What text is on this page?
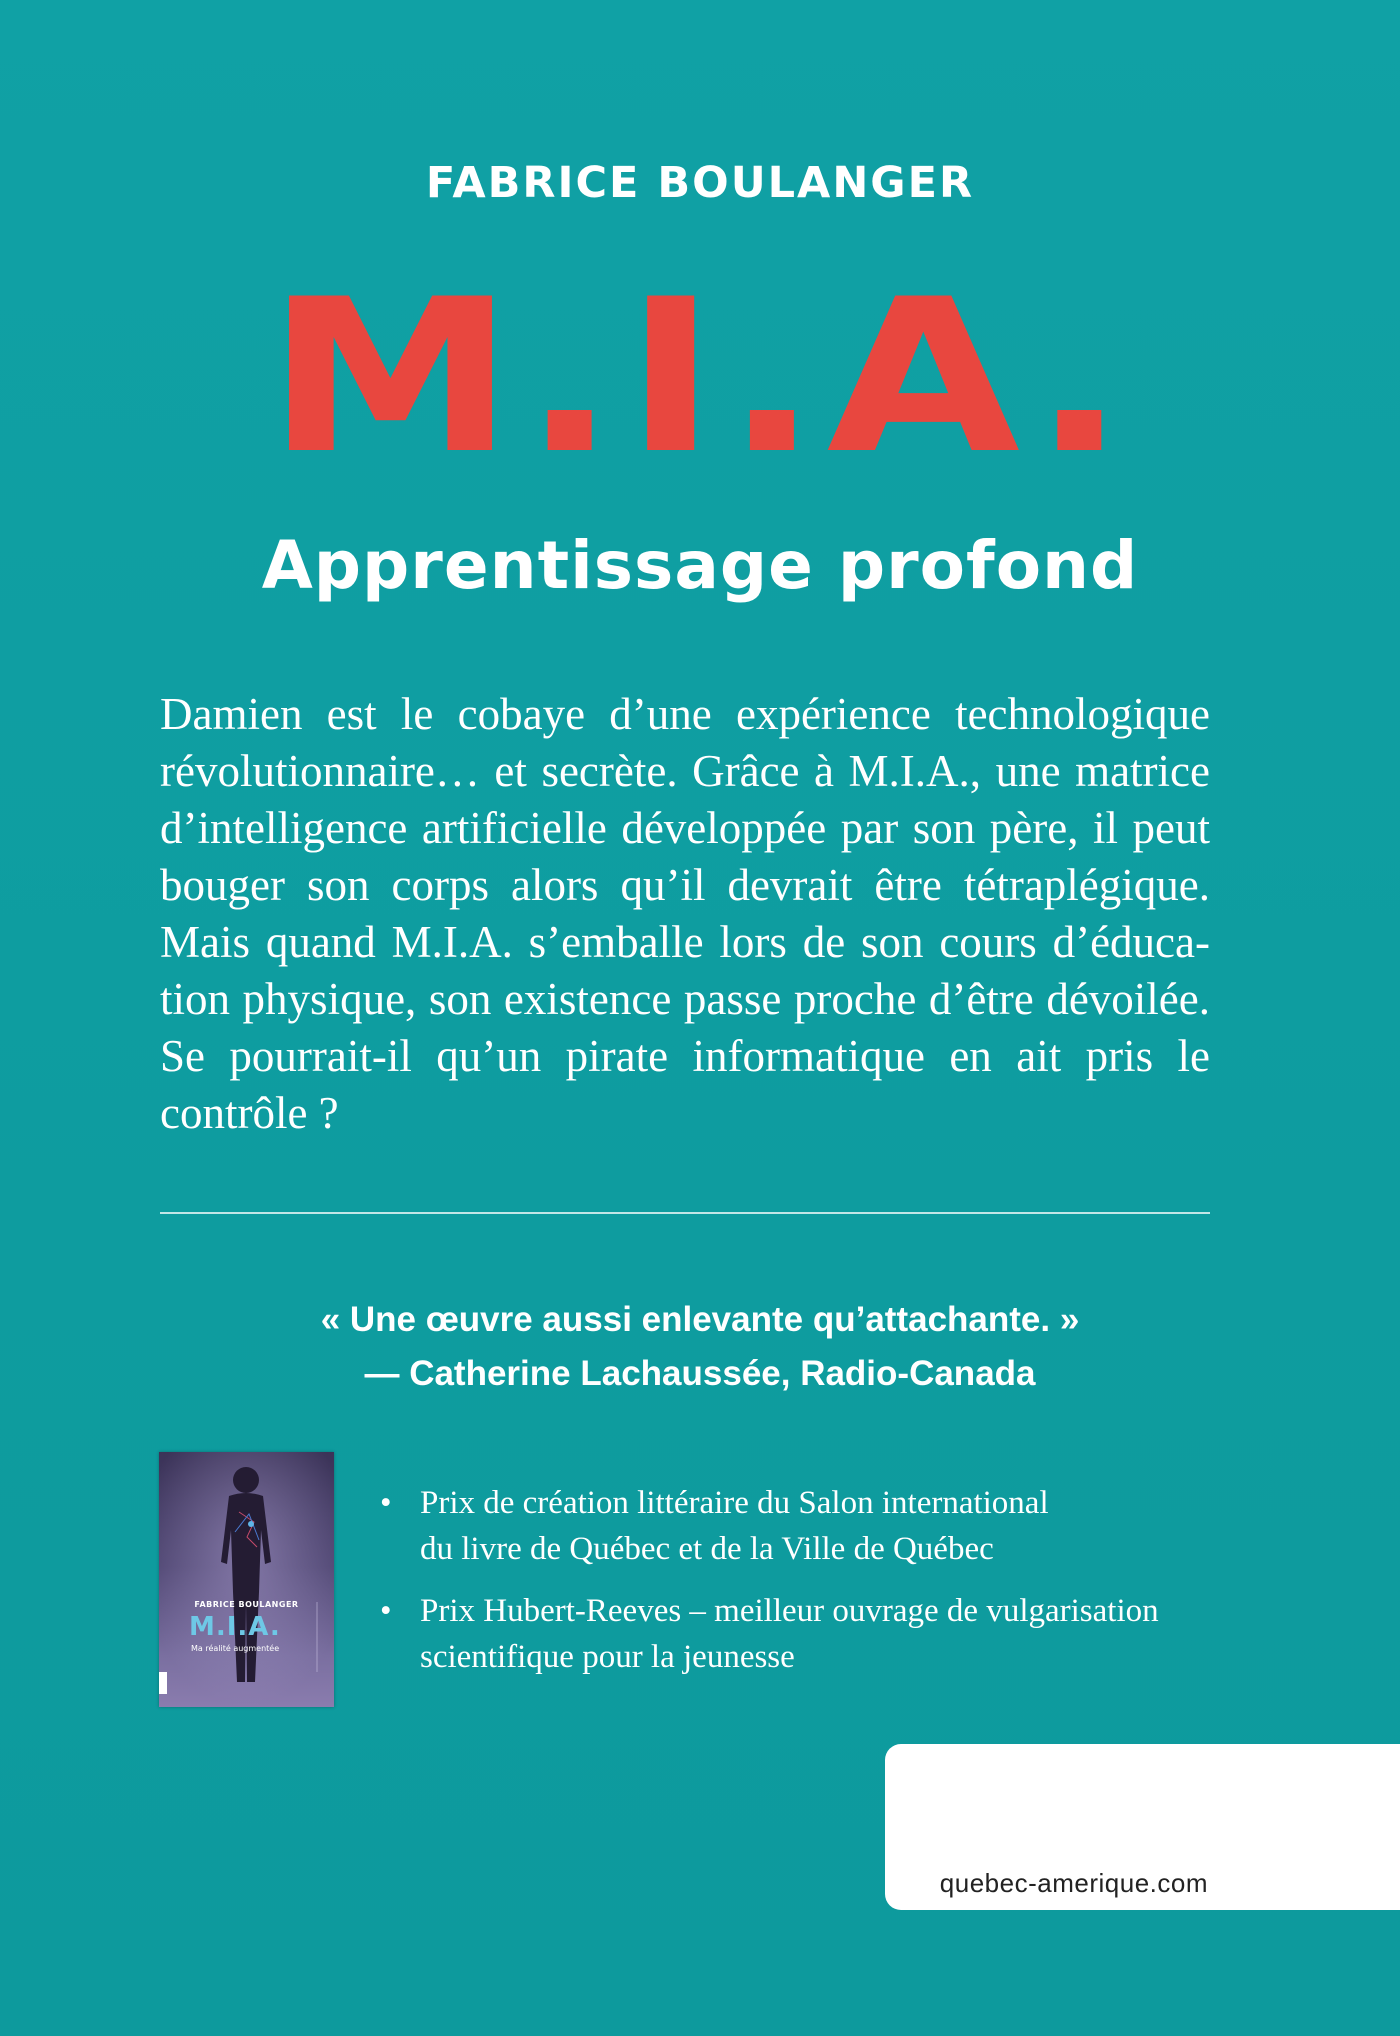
FABRICE BOULANGER
M.I.A.
Apprentissage profond

Damien est le cobaye d’une expérience technologique
révolutionnaire… et secrète. Grâce à M.I.A., une matrice
d’intelligence artificielle développée par son père, il peut
bouger son corps alors qu’il devrait être tétraplégique.
Mais quand M.I.A. s’emballe lors de son cours d’éduca-
tion physique, son existence passe proche d’être dévoilée.
Se pourrait-il qu’un pirate informatique en ait pris le
contrôle ?

« Une œuvre aussi enlevante qu’attachante. »
— Catherine Lachaussée, Radio-Canada
FABRICE BOULANGER
M.I.A.
Ma réalité augmentée
• Prix de création littéraire du Salon international
du livre de Québec et de la Ville de Québec
• Prix Hubert-Reeves – meilleur ouvrage de vulgarisation
scientifique pour la jeunesse
quebec-amerique.com
